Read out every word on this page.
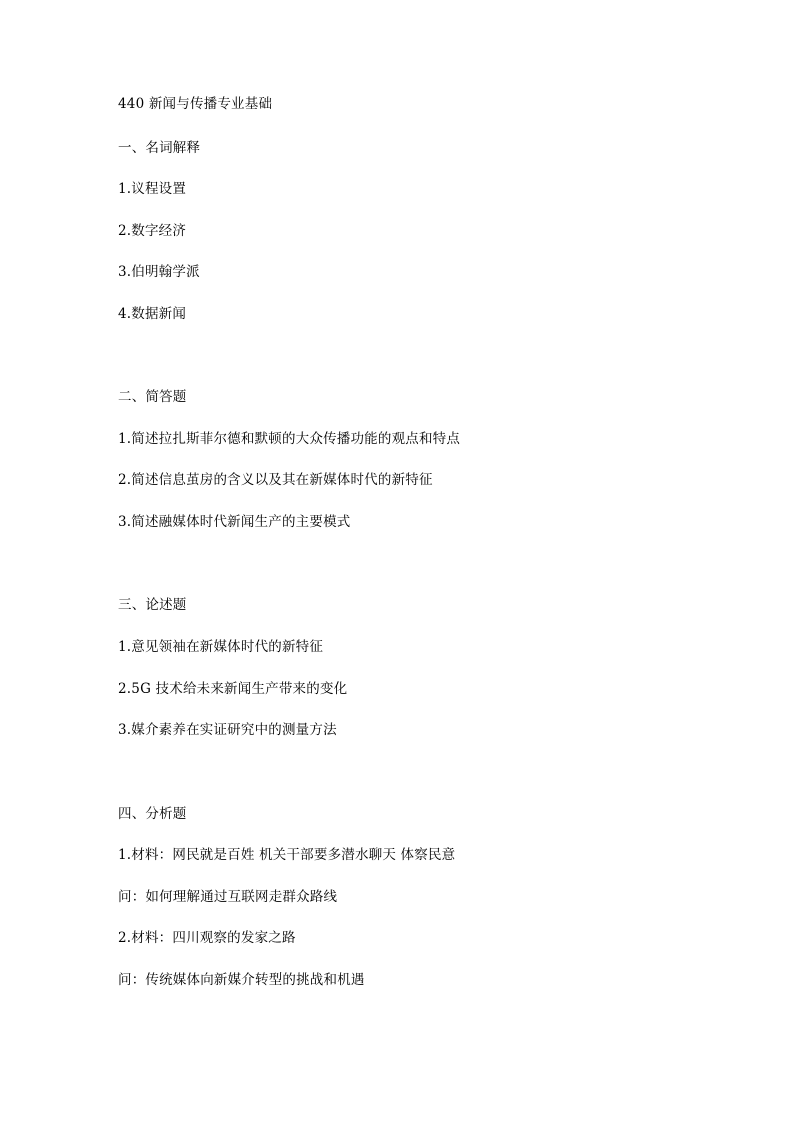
440 新闻与传播专业基础
一、名词解释
1.议程设置
2.数字经济
3.伯明翰学派
4.数据新闻
二、简答题
1.简述拉扎斯菲尔德和默顿的大众传播功能的观点和特点
2.简述信息茧房的含义以及其在新媒体时代的新特征
3.简述融媒体时代新闻生产的主要模式
三、论述题
1.意见领袖在新媒体时代的新特征
2.5G 技术给未来新闻生产带来的变化
3.媒介素养在实证研究中的测量方法
四、分析题
1.材料：网民就是百姓 机关干部要多潜水聊天 体察民意
问：如何理解通过互联网走群众路线
2.材料：四川观察的发家之路
问：传统媒体向新媒介转型的挑战和机遇
